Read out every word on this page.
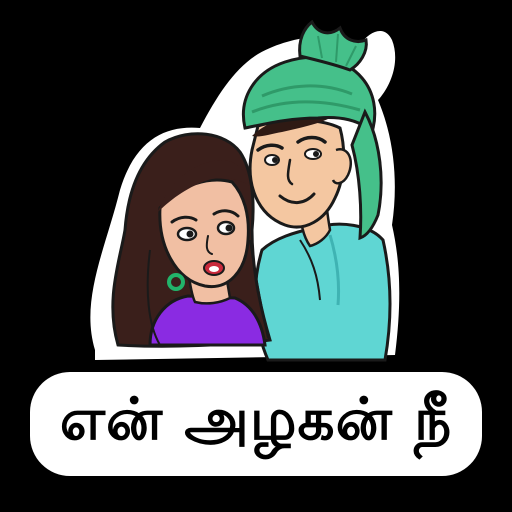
என் அழகன் நீ
